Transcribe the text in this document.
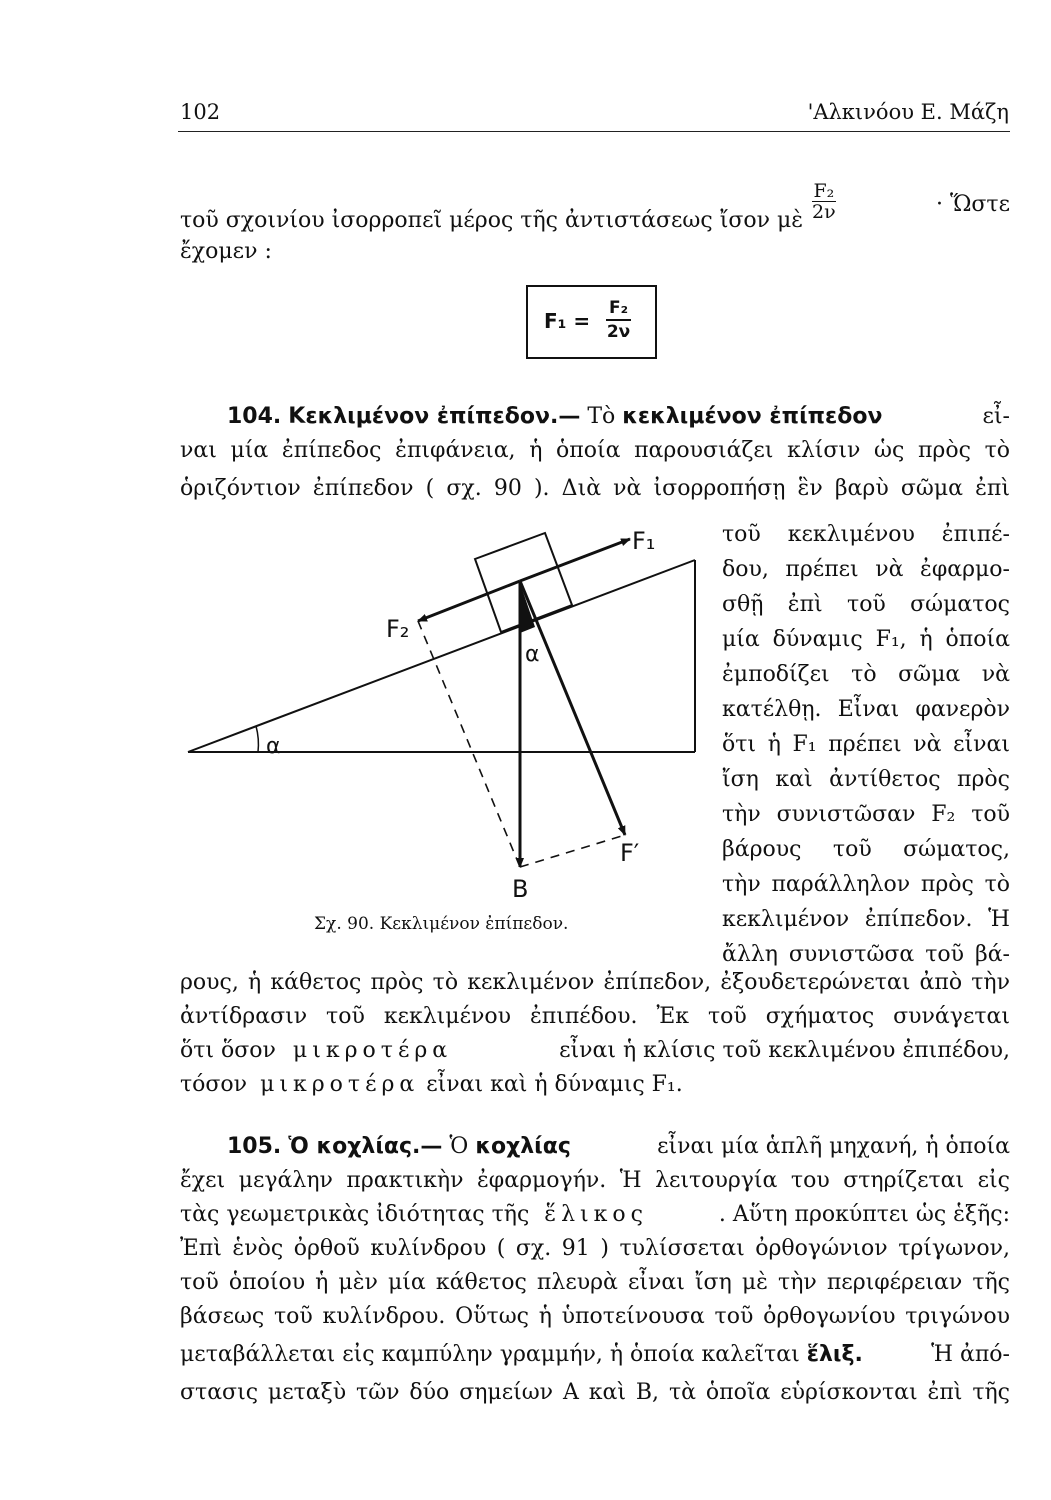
102	'Αλκινόου Ε. Μάζη
τοῦ σχοινίου ἰσορροπεῖ μέρος τῆς ἀντιστάσεως ἴσον μὲ $\frac{\text{F₂}}{2\nu}$	· Ὥστε
ἔχομεν :
$F_1 = \frac{\text{F₂}}{2\nu}$
104. Κεκλιμένον ἐπίπεδον.— Τὸ κεκλιμένον ἐπίπεδον	εἶ-
ναι μία ἐπίπεδος ἐπιφάνεια, ἡ ὁποία παρουσιάζει κλίσιν ὡς πρὸς τὸ
ὁριζόντιον ἐπίπεδον ( σχ. 90 ). Διὰ νὰ ἰσορροπήσῃ ἓν βαρὺ σῶμα ἐπὶ
τοῦ κεκλιμένου ἐπιπέ-
δου, πρέπει νὰ ἐφαρμο-
σθῇ ἐπὶ τοῦ σώματος
μία δύναμις F₁, ἡ ὁποία
ἐμποδίζει τὸ σῶμα νὰ
κατέλθῃ. Εἶναι φανερὸν
ὅτι ἡ F₁ πρέπει νὰ εἶναι
ἴση καὶ ἀντίθετος πρὸς
τὴν συνιστῶσαν F₂ τοῦ
βάρους τοῦ σώματος,
τὴν παράλληλον πρὸς τὸ
κεκλιμένον ἐπίπεδον. Ἡ
ἄλλη συνιστῶσα τοῦ βά-
F₁
F₂
F′
B
α
α
Σχ. 90. Κεκλιμένον ἐπίπεδον.
ρους, ἡ κάθετος πρὸς τὸ κεκλιμένον ἐπίπεδον, ἐξουδετερώνεται ἀπὸ τὴν
ἀντίδρασιν τοῦ κεκλιμένου ἐπιπέδου. Ἐκ τοῦ σχήματος συνάγεται
ὅτι ὅσον μικροτέρα	εἶναι ἡ κλίσις τοῦ κεκλιμένου ἐπιπέδου,
τόσον μικροτέρα εἶναι καὶ ἡ δύναμις F₁.
105. Ὁ κοχλίας.— Ὁ κοχλίας	εἶναι μία ἁπλῆ μηχανή, ἡ ὁποία
ἔχει μεγάλην πρακτικὴν ἐφαρμογήν. Ἡ λειτουργία του στηρίζεται εἰς
τὰς γεωμετρικὰς ἰδιότητας τῆς ἕλικος	. Αὕτη προκύπτει ὡς ἑξῆς:
Ἐπὶ ἑνὸς ὀρθοῦ κυλίνδρου ( σχ. 91 ) τυλίσσεται ὀρθογώνιον τρίγωνον,
τοῦ ὁποίου ἡ μὲν μία κάθετος πλευρὰ εἶναι ἴση μὲ τὴν περιφέρειαν τῆς
βάσεως τοῦ κυλίνδρου. Οὕτως ἡ ὑποτείνουσα τοῦ ὀρθογωνίου τριγώνου
μεταβάλλεται εἰς καμπύλην γραμμήν, ἡ ὁποία καλεῖται ἕλιξ.	Ἡ ἀπό-
στασις μεταξὺ τῶν δύο σημείων Α καὶ Β, τὰ ὁποῖα εὑρίσκονται ἐπὶ τῆς
